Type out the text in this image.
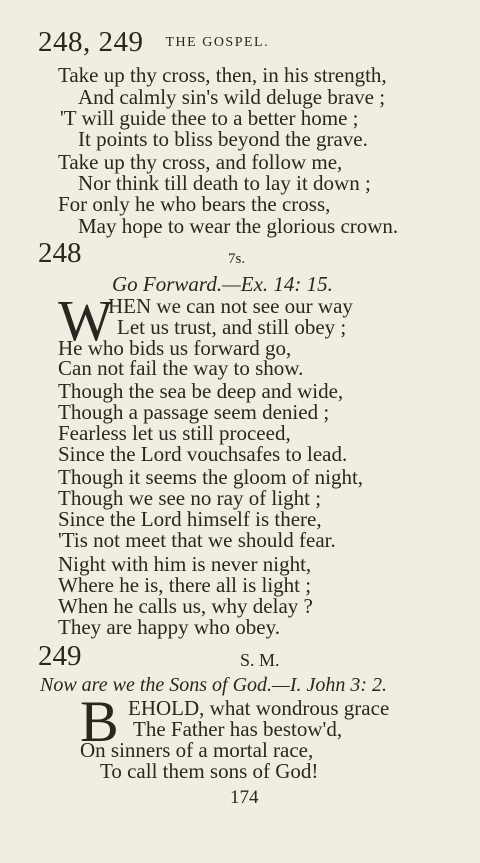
248, 249 THE GOSPEL.
Take up thy cross, then, in his strength,
And calmly sin's wild deluge brave ;
'T will guide thee to a better home ;
It points to bliss beyond the grave.
Take up thy cross, and follow me,
Nor think till death to lay it down ;
For only he who bears the cross,
May hope to wear the glorious crown.
248	7s.
Go Forward.—Ex. 14: 15.
W
HEN we can not see our way
Let us trust, and still obey ;
He who bids us forward go,
Can not fail the way to show.
Though the sea be deep and wide,
Though a passage seem denied ;
Fearless let us still proceed,
Since the Lord vouchsafes to lead.
Though it seems the gloom of night,
Though we see no ray of light ;
Since the Lord himself is there,
'Tis not meet that we should fear.
Night with him is never night,
Where he is, there all is light ;
When he calls us, why delay ?
They are happy who obey.
249	S. M.
Now are we the Sons of God.—I. John 3: 2.
B EHOLD, what wondrous grace
The Father has bestow'd,
On sinners of a mortal race,
To call them sons of God!
174
